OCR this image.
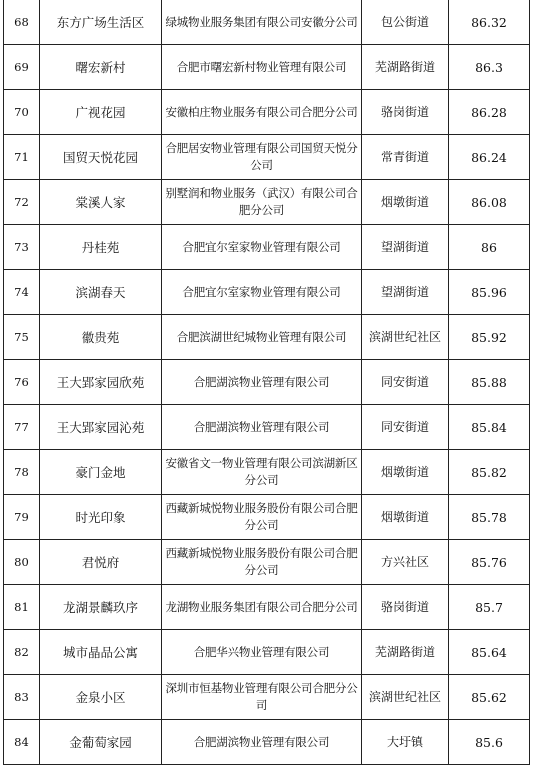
68	东方广场生活区	绿城物业服务集团有限公司安徽分公司	包公街道	86.32
69	曙宏新村	合肥市曙宏新村物业管理有限公司	芜湖路街道	86.3
70	广视花园	安徽柏庄物业服务有限公司合肥分公司	骆岗街道	86.28
71	国贸天悦花园	合肥居安物业管理有限公司国贸天悦分公司	常青街道	86.24
72	棠溪人家	别墅润和物业服务（武汉）有限公司合肥分公司	烟墩街道	86.08
73	丹桂苑	合肥宜尔室家物业管理有限公司	望湖街道	86
74	滨湖春天	合肥宜尔室家物业管理有限公司	望湖街道	85.96
75	徽贵苑	合肥滨湖世纪城物业管理有限公司	滨湖世纪社区	85.92
76	王大郢家园欣苑	合肥湖滨物业管理有限公司	同安街道	85.88
77	王大郢家园沁苑	合肥湖滨物业管理有限公司	同安街道	85.84
78	豪门金地	安徽省文一物业管理有限公司滨湖新区分公司	烟墩街道	85.82
79	时光印象	西藏新城悦物业服务股份有限公司合肥分公司	烟墩街道	85.78
80	君悦府	西藏新城悦物业服务股份有限公司合肥分公司	方兴社区	85.76
81	龙湖景麟玖序	龙湖物业服务集团有限公司合肥分公司	骆岗街道	85.7
82	城市晶品公寓	合肥华兴物业管理有限公司	芜湖路街道	85.64
83	金泉小区	深圳市恒基物业管理有限公司合肥分公司	滨湖世纪社区	85.62
84	金葡萄家园	合肥湖滨物业管理有限公司	大圩镇	85.6
